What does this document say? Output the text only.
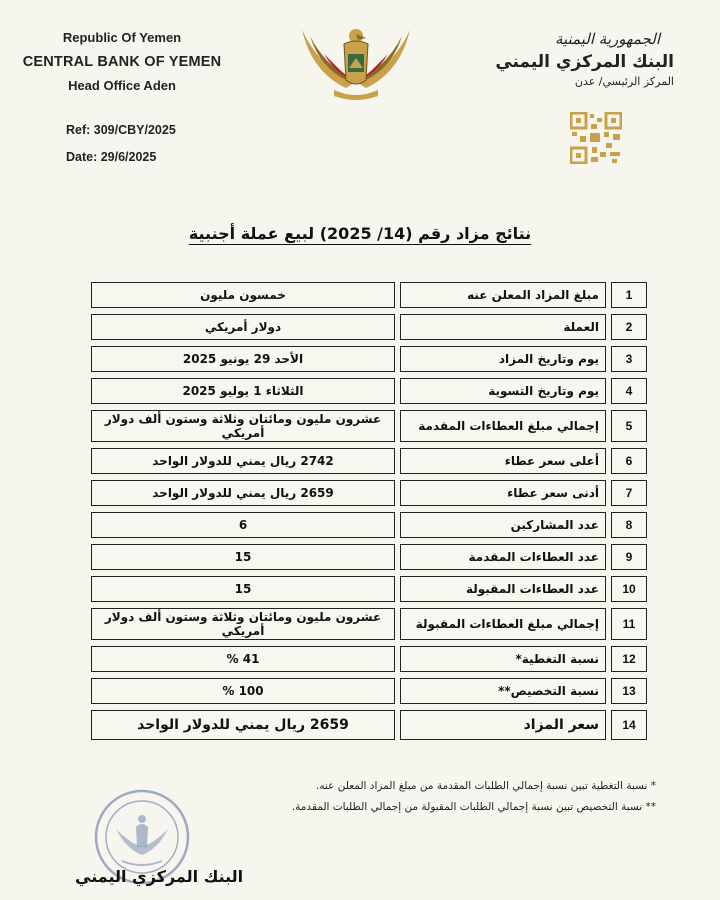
Republic Of Yemen
CENTRAL BANK OF YEMEN
Head Office Aden
Ref: 309/CBY/2025
Date: 29/6/2025
الجمهورية اليمنية
البنك المركزي اليمني
المركز الرئيسي/ عدن
نتائج مزاد رقم (14/ 2025) لبيع عملة أجنبية
1	مبلغ المزاد المعلن عنه	خمسون مليون
2	العملة	دولار أمريكي
3	يوم وتاريخ المزاد	الأحد 29 يونيو 2025
4	يوم وتاريخ التسوية	الثلاثاء 1 يوليو 2025
5	إجمالي مبلغ العطاءات المقدمة	عشرون مليون ومائتان وثلاثة وستون ألف دولار أمريكي
6	أعلى سعر عطاء	2742 ريال يمني للدولار الواحد
7	أدنى سعر عطاء	2659 ريال يمني للدولار الواحد
8	عدد المشاركين	6
9	عدد العطاءات المقدمة	15
10	عدد العطاءات المقبولة	15
11	إجمالي مبلغ العطاءات المقبولة	عشرون مليون ومائتان وثلاثة وستون ألف دولار أمريكي
12	نسبة التغطية*	41 %
13	نسبة التخصيص**	100 %
14	سعر المزاد	2659 ريال يمني للدولار الواحد
* نسبة التغطية تبين نسبة إجمالي الطلبات المقدمة من مبلغ المزاد المعلن عنه.
** نسبة التخصيص تبين نسبة إجمالي الطلبات المقبولة من إجمالي الطلبات المقدمة.
البنك المركزي اليمني
